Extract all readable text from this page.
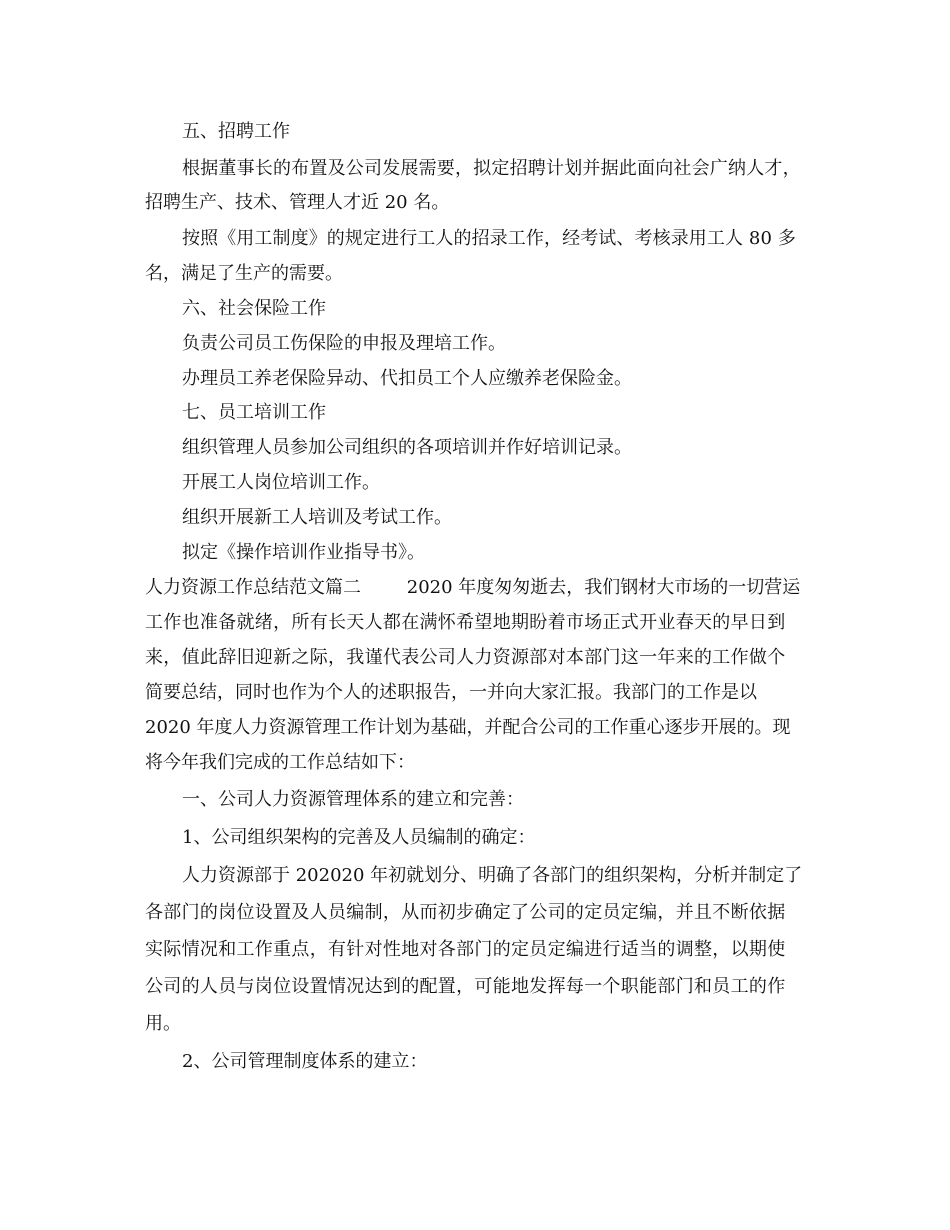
五、招聘工作
根据董事长的布置及公司发展需要，拟定招聘计划并据此面向社会广纳人才，
招聘生产、技术、管理人才近 20 名。
按照《用工制度》的规定进行工人的招录工作，经考试、考核录用工人 80 多
名，满足了生产的需要。
六、社会保险工作
负责公司员工伤保险的申报及理培工作。
办理员工养老保险异动、代扣员工个人应缴养老保险金。
七、员工培训工作
组织管理人员参加公司组织的各项培训并作好培训记录。
开展工人岗位培训工作。
组织开展新工人培训及考试工作。
拟定《操作培训作业指导书》。
人力资源工作总结范文篇二        2020 年度匆匆逝去，我们钢材大市场的一切营运
工作也准备就绪，所有长天人都在满怀希望地期盼着市场正式开业春天的早日到
来，值此辞旧迎新之际，我谨代表公司人力资源部对本部门这一年来的工作做个
简要总结，同时也作为个人的述职报告，一并向大家汇报。我部门的工作是以
2020 年度人力资源管理工作计划为基础，并配合公司的工作重心逐步开展的。现
将今年我们完成的工作总结如下：
一、公司人力资源管理体系的建立和完善：
1、公司组织架构的完善及人员编制的确定：
人力资源部于 202020 年初就划分、明确了各部门的组织架构，分析并制定了
各部门的岗位设置及人员编制，从而初步确定了公司的定员定编，并且不断依据
实际情况和工作重点，有针对性地对各部门的定员定编进行适当的调整，以期使
公司的人员与岗位设置情况达到的配置，可能地发挥每一个职能部门和员工的作
用。
2、公司管理制度体系的建立：
